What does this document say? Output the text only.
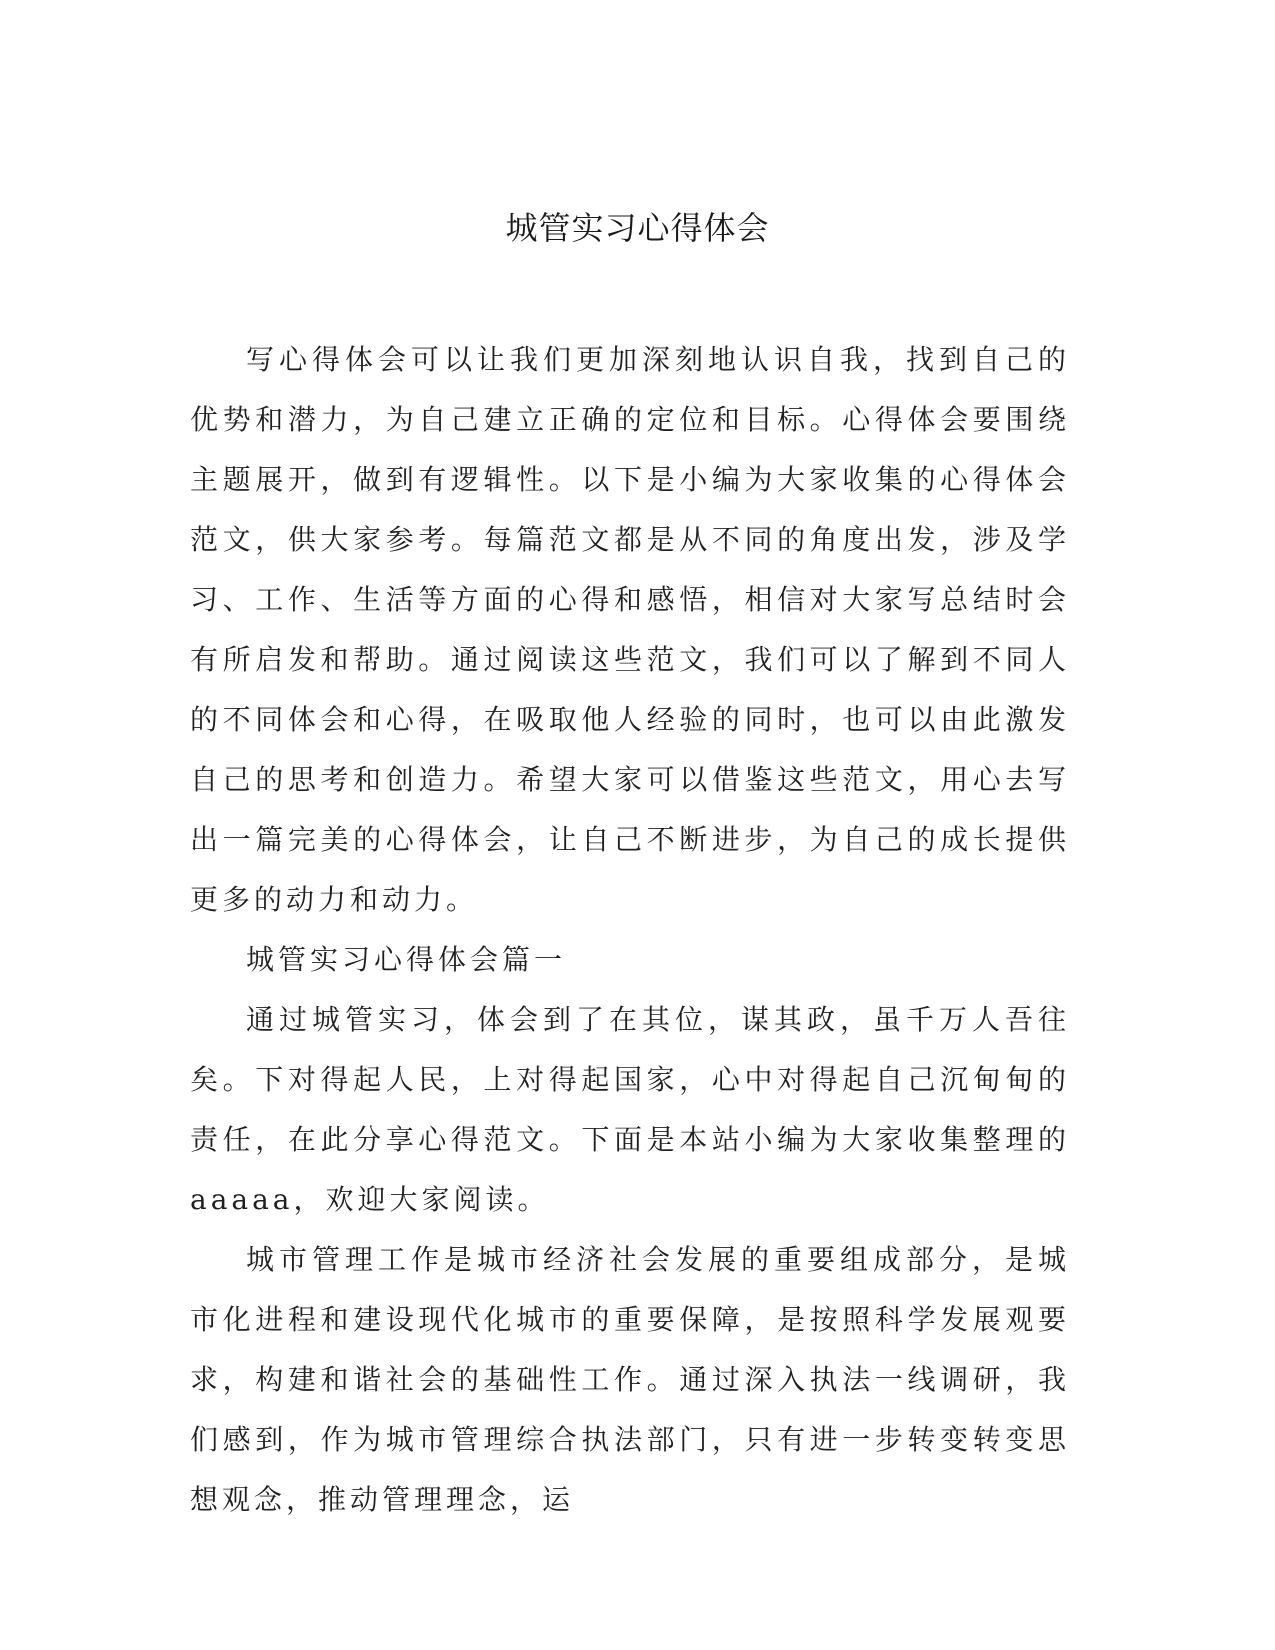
城管实习心得体会

写心得体会可以让我们更加深刻地认识自我，找到自己的优势和潜力，为自己建立正确的定位和目标。心得体会要围绕主题展开，做到有逻辑性。以下是小编为大家收集的心得体会范文，供大家参考。每篇范文都是从不同的角度出发，涉及学习、工作、生活等方面的心得和感悟，相信对大家写总结时会有所启发和帮助。通过阅读这些范文，我们可以了解到不同人的不同体会和心得，在吸取他人经验的同时，也可以由此激发自己的思考和创造力。希望大家可以借鉴这些范文，用心去写出一篇完美的心得体会，让自己不断进步，为自己的成长提供更多的动力和动力。

城管实习心得体会篇一

通过城管实习，体会到了在其位，谋其政，虽千万人吾往矣。下对得起人民，上对得起国家，心中对得起自己沉甸甸的责任，在此分享心得范文。下面是本站小编为大家收集整理的aaaaa，欢迎大家阅读。

城市管理工作是城市经济社会发展的重要组成部分，是城市化进程和建设现代化城市的重要保障，是按照科学发展观要求，构建和谐社会的基础性工作。通过深入执法一线调研，我们感到，作为城市管理综合执法部门，只有进一步转变转变思想观念，推动管理理念，运
